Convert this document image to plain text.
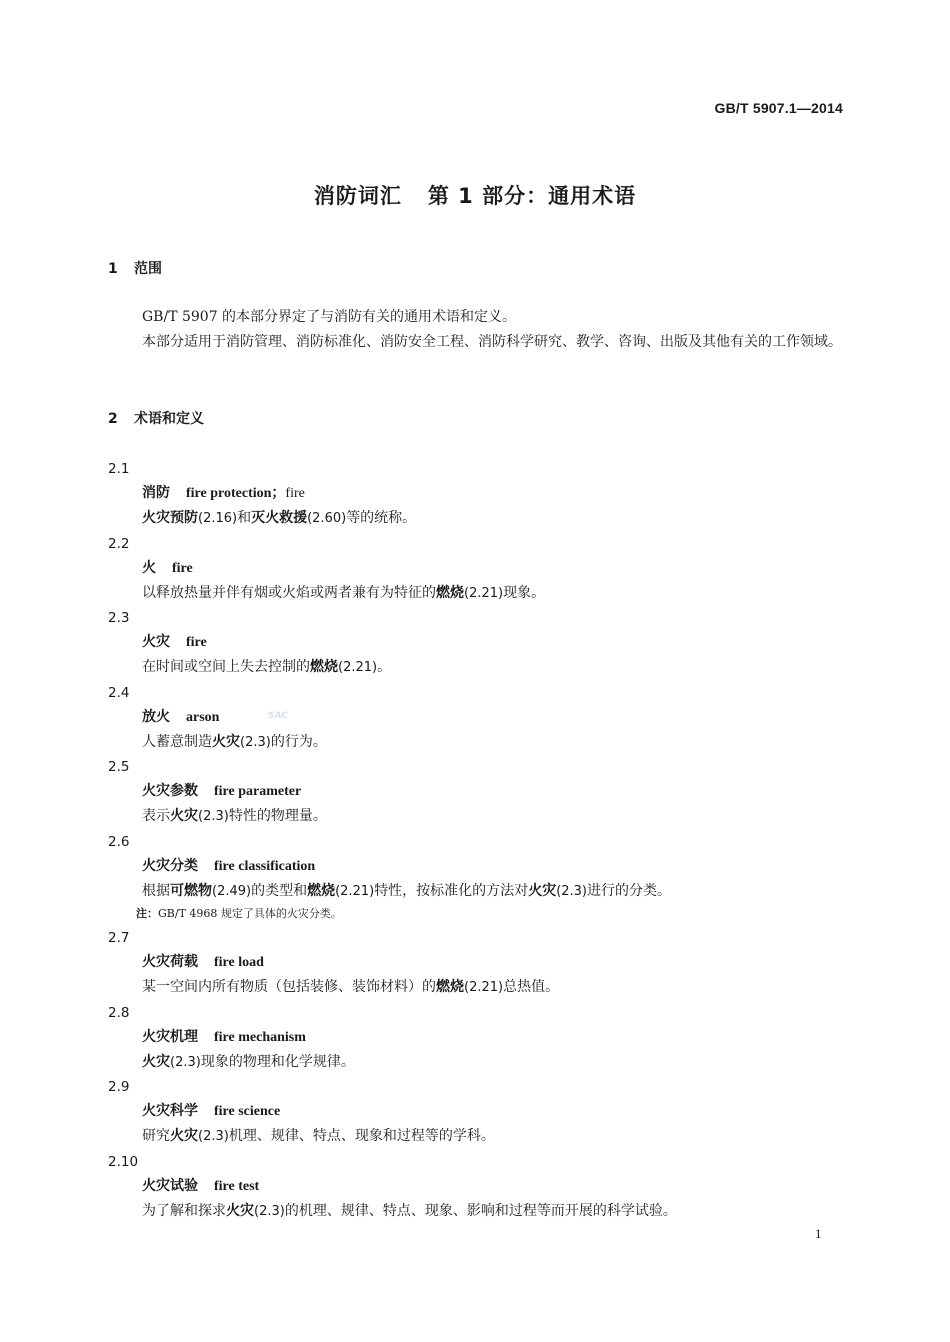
GB/T 5907.1—2014
消防词汇 第 1 部分：通用术语
1 范围
GB/T 5907 的本部分界定了与消防有关的通用术语和定义。
本部分适用于消防管理、消防标准化、消防安全工程、消防科学研究、教学、咨询、出版及其他有关的工作领域。
2 术语和定义
2.1
消防 fire protection；fire
火灾预防(2.16)和灭火救援(2.60)等的统称。
2.2
火 fire
以释放热量并伴有烟或火焰或两者兼有为特征的燃烧(2.21)现象。
2.3
火灾 fire
在时间或空间上失去控制的燃烧(2.21)。
2.4
放火 arson
人蓄意制造火灾(2.3)的行为。
2.5
火灾参数 fire parameter
表示火灾(2.3)特性的物理量。
2.6
火灾分类 fire classification
根据可燃物(2.49)的类型和燃烧(2.21)特性，按标准化的方法对火灾(2.3)进行的分类。
注：GB/T 4968 规定了具体的火灾分类。
2.7
火灾荷载 fire load
某一空间内所有物质（包括装修、装饰材料）的燃烧(2.21)总热值。
2.8
火灾机理 fire mechanism
火灾(2.3)现象的物理和化学规律。
2.9
火灾科学 fire science
研究火灾(2.3)机理、规律、特点、现象和过程等的学科。
2.10
火灾试验 fire test
为了解和探求火灾(2.3)的机理、规律、特点、现象、影响和过程等而开展的科学试验。
SAC
1
